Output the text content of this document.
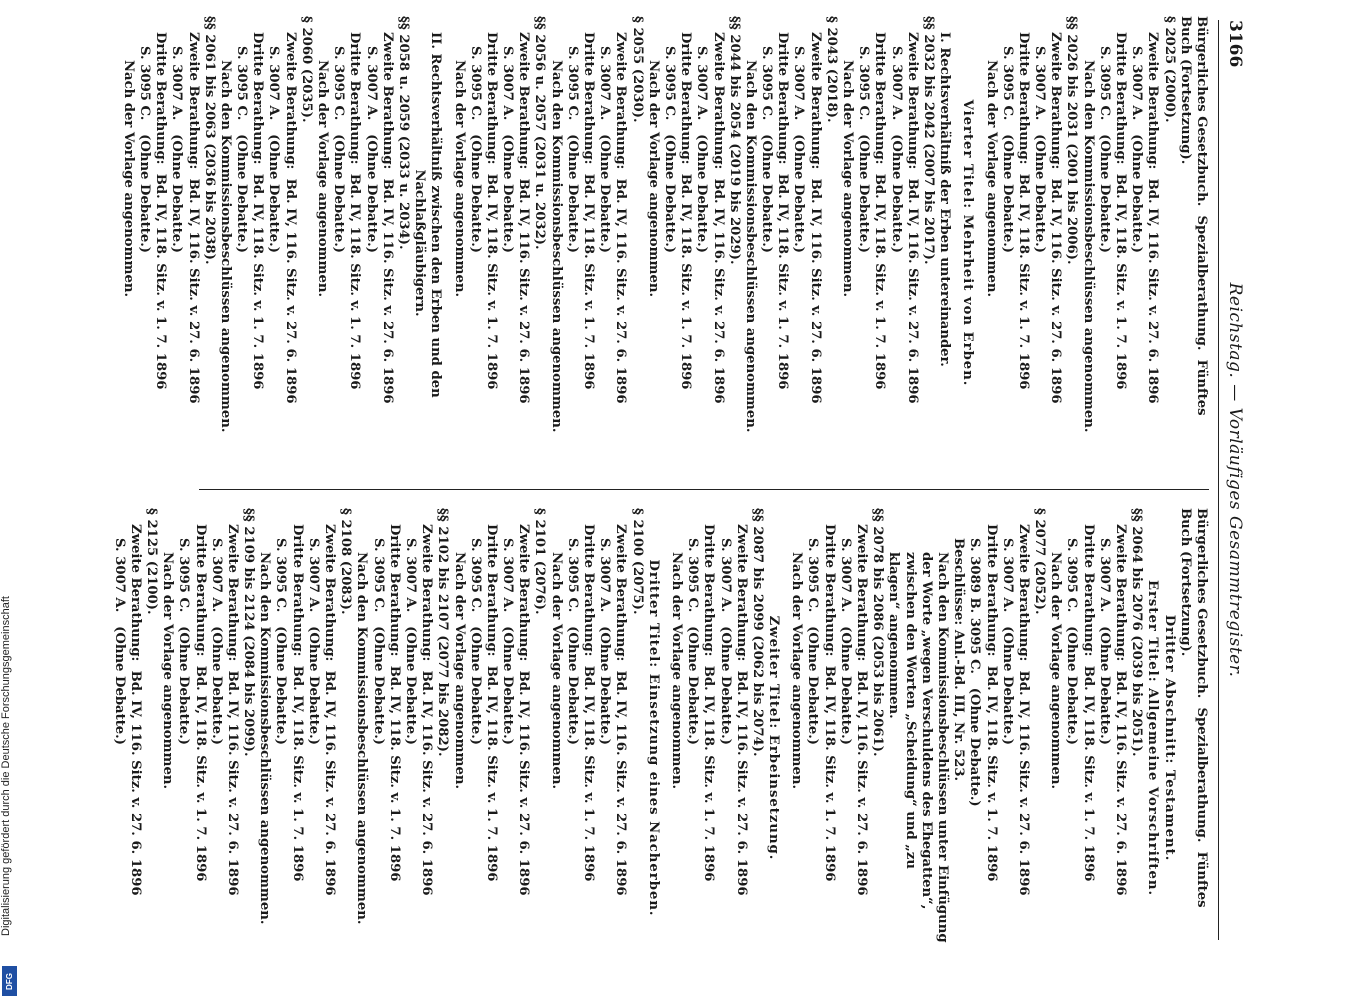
3166
Reichstag. — Vorläufiges Gesammtregister.
Bürgerliches Gesetzbuch.  Spezialberathung.  Fünftes
Buch (Fortsetzung).
§ 2025 (2000).
Zweite Berathung:  Bd. IV, 116. Sitz. v. 27. 6. 1896
S. 3007 A.   (Ohne Debatte.)
Dritte Berathung:  Bd. IV, 118. Sitz. v. 1. 7. 1896
S. 3095 C.   (Ohne Debatte.)
Nach den Kommissionsbeschlüssen angenommen.
§§ 2026 bis 2031 (2001 bis 2006).
Zweite Berathung:  Bd. IV, 116. Sitz. v. 27. 6. 1896
S. 3007 A.   (Ohne Debatte.)
Dritte Berathung:  Bd. IV, 118. Sitz. v. 1. 7. 1896
S. 3095 C.   (Ohne Debatte.)
Nach der Vorlage angenommen.
Vierter Titel: Mehrheit von Erben.
I. Rechtsverhältniß der Erben untereinander.
§§ 2032 bis 2042 (2007 bis 2017).
Zweite Berathung:  Bd. IV, 116. Sitz. v. 27. 6. 1896
S. 3007 A.   (Ohne Debatte.)
Dritte Berathung:  Bd. IV, 118. Sitz. v. 1. 7. 1896
S. 3095 C.   (Ohne Debatte.)
Nach der Vorlage angenommen.
§ 2043 (2018).
Zweite Berathung:  Bd. IV, 116. Sitz. v. 27. 6. 1896
S. 3007 A.   (Ohne Debatte.)
Dritte Berathung:  Bd. IV, 118. Sitz. v. 1. 7. 1896
S. 3095 C.   (Ohne Debatte.)
Nach den Kommissionsbeschlüssen angenommen.
§§ 2044 bis 2054 (2019 bis 2029).
Zweite Berathung:  Bd. IV, 116. Sitz. v. 27. 6. 1896
S. 3007 A.   (Ohne Debatte.)
Dritte Berathung:  Bd. IV, 118. Sitz. v. 1. 7. 1896
S. 3095 C.   (Ohne Debatte.)
Nach der Vorlage angenommen.
§ 2055 (2030).
Zweite Berathung:  Bd. IV, 116. Sitz. v. 27. 6. 1896
S. 3007 A.   (Ohne Debatte.)
Dritte Berathung:  Bd. IV, 118. Sitz. v. 1. 7. 1896
S. 3095 C.   (Ohne Debatte.)
Nach den Kommissionsbeschlüssen angenommen.
§§ 2056 u. 2057 (2031 u. 2032).
Zweite Berathung:  Bd. IV, 116. Sitz. v. 27. 6. 1896
S. 3007 A.   (Ohne Debatte.)
Dritte Berathung:  Bd. IV, 118. Sitz. v. 1. 7. 1896
S. 3095 C.   (Ohne Debatte.)
Nach der Vorlage angenommen.
II. Rechtsverhältniß zwischen den Erben und den
Nachlaßgläubigern.
§§ 2058 u. 2059 (2033 u. 2034).
Zweite Berathung:  Bd. IV, 116. Sitz. v. 27. 6. 1896
S. 3007 A.   (Ohne Debatte.)
Dritte Berathung:  Bd. IV, 118. Sitz. v. 1. 7. 1896
S. 3095 C.   (Ohne Debatte.)
Nach der Vorlage angenommen.
§ 2060 (2035).
Zweite Berathung:  Bd. IV, 116. Sitz. v. 27. 6. 1896
S. 3007 A.   (Ohne Debatte.)
Dritte Berathung:  Bd. IV, 118. Sitz. v. 1. 7. 1896
S. 3095 C.   (Ohne Debatte.)
Nach den Kommissionsbeschlüssen angenommen.
§§ 2061 bis 2063 (2036 bis 2038).
Zweite Berathung:  Bd. IV, 116. Sitz. v. 27. 6. 1896
S. 3007 A.   (Ohne Debatte.)
Dritte Berathung:  Bd. IV, 118. Sitz. v. 1. 7. 1896
S. 3095 C.   (Ohne Debatte.)
Nach der Vorlage angenommen.
Bürgerliches Gesetzbuch.  Spezialberathung.  Fünftes
Buch (Fortsetzung).
Dritter Abschnitt: Testament.
Erster Titel: Allgemeine Vorschriften.
§§ 2064 bis 2076 (2039 bis 2051).
Zweite Berathung:  Bd. IV, 116. Sitz. v. 27. 6. 1896
S. 3007 A.   (Ohne Debatte.)
Dritte Berathung:  Bd. IV, 118. Sitz. v. 1. 7. 1896
S. 3095 C.   (Ohne Debatte.)
Nach der Vorlage angenommen.
§ 2077 (2052).
Zweite Berathung:  Bd. IV, 116. Sitz. v. 27. 6. 1896
S. 3007 A.   (Ohne Debatte.)
Dritte Berathung:  Bd. IV, 118. Sitz. v. 1. 7. 1896
S. 3089 B. 3095 C.   (Ohne Debatte.)
Beschlüsse: Anl.-Bd. III, Nr. 523.
Nach den Kommissionsbeschlüssen unter Einfügung
der Worte „wegen Verschuldens des Ehegatten“,
zwischen den Worten „Scheidung“ und „zu
klagen“ angenommen.
§§ 2078 bis 2086 (2053 bis 2061).
Zweite Berathung:  Bd. IV, 116. Sitz. v. 27. 6. 1896
S. 3007 A.   (Ohne Debatte.)
Dritte Berathung:  Bd. IV, 118. Sitz. v. 1. 7. 1896
S. 3095 C.   (Ohne Debatte.)
Nach der Vorlage angenommen.
Zweiter Titel: Erbeinsetzung.
§§ 2087 bis 2099 (2062 bis 2074).
Zweite Berathung:  Bd. IV, 116. Sitz. v. 27. 6. 1896
S. 3007 A.   (Ohne Debatte.)
Dritte Berathung:  Bd. IV, 118. Sitz. v. 1. 7. 1896
S. 3095 C.   (Ohne Debatte.)
Nach der Vorlage angenommen.
Dritter Titel: Einsetzung eines Nacherben.
§ 2100 (2075).
Zweite Berathung:  Bd. IV, 116. Sitz. v. 27. 6. 1896
S. 3007 A.   (Ohne Debatte.)
Dritte Berathung:  Bd. IV, 118. Sitz. v. 1. 7. 1896
S. 3095 C.   (Ohne Debatte.)
Nach der Vorlage angenommen.
§ 2101 (2076).
Zweite Berathung:  Bd. IV, 116. Sitz. v. 27. 6. 1896
S. 3007 A.   (Ohne Debatte.)
Dritte Berathung:  Bd. IV, 118. Sitz. v. 1. 7. 1896
S. 3095 C.   (Ohne Debatte.)
Nach der Vorlage angenommen.
§§ 2102 bis 2107 (2077 bis 2082).
Zweite Berathung:  Bd. IV, 116. Sitz. v. 27. 6. 1896
S. 3007 A.   (Ohne Debatte.)
Dritte Berathung:  Bd. IV, 118. Sitz. v. 1. 7. 1896
S. 3095 C.   (Ohne Debatte.)
Nach den Kommissionsbeschlüssen angenommen.
§ 2108 (2083).
Zweite Berathung:  Bd. IV, 116. Sitz. v. 27. 6. 1896
S. 3007 A.   (Ohne Debatte.)
Dritte Berathung:  Bd. IV, 118. Sitz. v. 1. 7. 1896
S. 3095 C.   (Ohne Debatte.)
Nach den Kommissionsbeschlüssen angenommen.
§§ 2109 bis 2124 (2084 bis 2099).
Zweite Berathung:  Bd. IV, 116. Sitz. v. 27. 6. 1896
S. 3007 A.   (Ohne Debatte.)
Dritte Berathung:  Bd. IV, 118. Sitz. v. 1. 7. 1896
S. 3095 C.   (Ohne Debatte.)
Nach der Vorlage angenommen.
§ 2125 (2100).
Zweite Berathung:  Bd. IV, 116. Sitz. v. 27. 6. 1896
S. 3007 A.   (Ohne Debatte.)
Digitalisierung gefördert durch die Deutsche Forschungsgemeinschaft
DFG
